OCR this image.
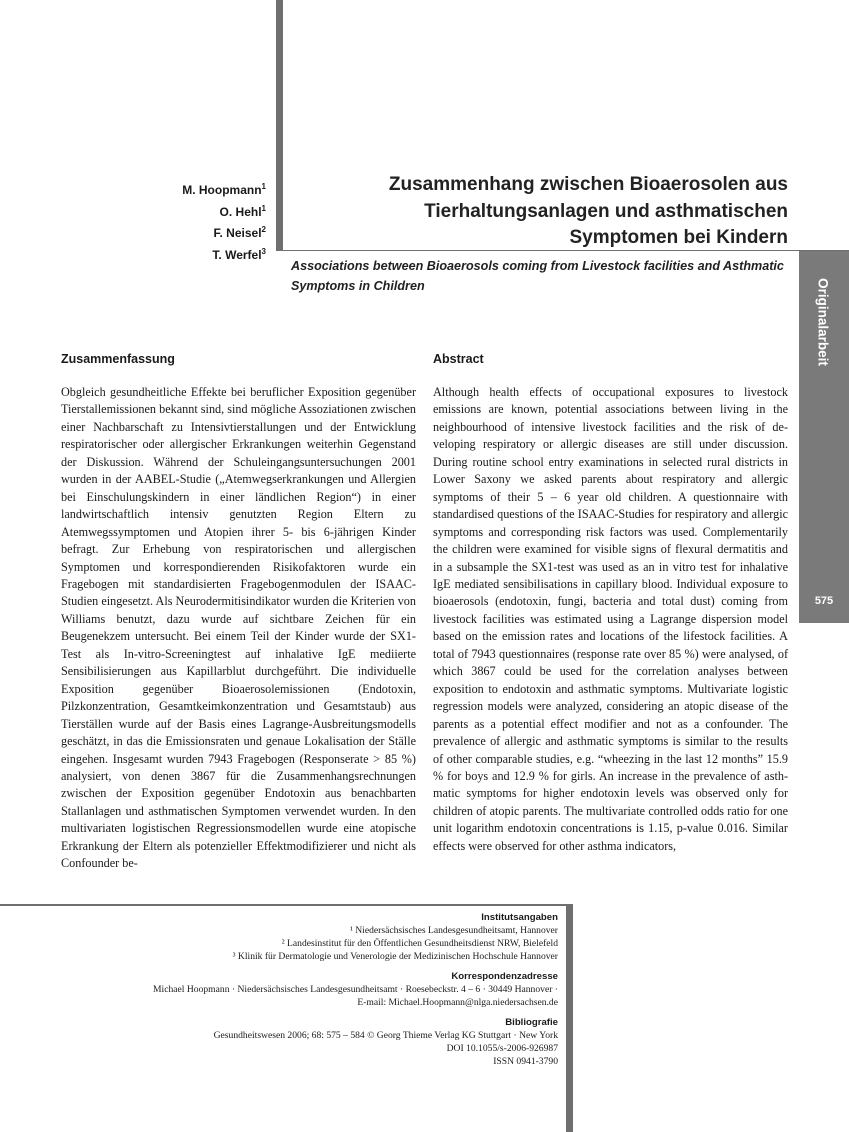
M. Hoopmann$^1$
O. Hehl$^1$
F. Neisel$^2$
T. Werfel$^3$
Zusammenhang zwischen Bioaerosolen aus
Tierhaltungsanlagen und asthmatischen
Symptomen bei Kindern
Associations between Bioaerosols coming from Livestock facilities and Asthmatic
Symptoms in Children	Originalarbeit
575
Zusammenfassung

Obgleich gesundheitliche Effekte bei beruflicher Exposition gegenüber Tierstallemissionen bekannt sind, sind mögliche Assoziationen zwischen einer Nachbarschaft zu Intensivtierstallungen und der Entwicklung respiratorischer oder allergischer Erkrankungen weiterhin Gegenstand der Diskussion. Während der Schuleingangsuntersuchungen 2001 wurden in der AABEL-Studie („Atemwegserkrankungen und Allergien bei Einschulungskindern in einer ländlichen Region“) in einer landwirtschaftlich intensiv genutzten Region Eltern zu Atemwegssymptomen und Atopien ihrer 5- bis 6-jährigen Kinder befragt. Zur Erhebung von respiratorischen und allergischen Symptomen und korrespondierenden Risikofaktoren wurde ein Fragebogen mit standardisierten Fragebogenmodulen der ISAAC-Studien eingesetzt. Als Neurodermitisindikator wurden die Kriterien von Williams benutzt, dazu wurde auf sichtbare Zeichen für ein Beugenekzem untersucht. Bei einem Teil der Kinder wurde der SX1-Test als In-vitro-Screeningtest auf inhalative IgE mediierte Sensibilisierungen aus Kapillarblut durchgeführt. Die individuelle Exposition gegenüber Bioaerosolemissionen (Endotoxin, Pilzkonzentration, Gesamtkeimkonzentration und Gesamtstaub) aus Tierställen wurde auf der Basis eines Lagrange-Ausbreitungsmodells geschätzt, in das die Emissionsraten und genaue Lokalisation der Ställe eingehen. Insgesamt wurden 7943 Fragebogen (Responserate > 85 %) analysiert, von denen 3867 für die Zusammenhangsrechnungen zwischen der Exposition gegenüber Endotoxin aus benachbarten Stallanlagen und asthmatischen Symptomen verwendet wurden. In den multivariaten logistischen Regressionsmodellen wurde eine atopische Erkrankung der Eltern als potenzieller Effektmodifizierer und nicht als Confounder be-

Abstract

Although health effects of occupational exposures to livestock emissions are known, potential associations between living in the neighbourhood of intensive livestock facilities and the risk of developing respiratory or allergic diseases are still under discussion. During routine school entry examinations in selected rural districts in Lower Saxony we asked parents about respiratory and allergic symptoms of their 5 – 6 year old children. A questionnaire with standardised questions of the ISAAC-Studies for respiratory and allergic symptoms and corresponding risk factors was used. Complementarily the children were examined for visible signs of flexural dermatitis and in a subsample the SX1-test was used as an in vitro test for inhalative IgE mediated sensibilisations in capillary blood. Individual exposure to bioaerosols (endotoxin, fungi, bacteria and total dust) coming from livestock facilities was estimated using a Lagrange dispersion model based on the emission rates and locations of the lifestock facilities. A total of 7943 questionnaires (response rate over 85 %) were analysed, of which 3867 could be used for the correlation analyses between exposition to endotoxin and asthmatic symptoms. Multivariate logistic regression models were analyzed, considering an atopic disease of the parents as a potential effect modifier and not as a confounder. The prevalence of allergic and asthmatic symptoms is similar to the results of other comparable studies, e.g. “wheezing in the last 12 months” 15.9 % for boys and 12.9 % for girls. An increase in the prevalence of asthmatic symptoms for higher endotoxin levels was observed only for children of atopic parents. The multivariate controlled odds ratio for one unit logarithm endotoxin concentrations is 1.15, p-value 0.016. Similar effects were observed for other asthma indicators,

Institutsangaben
¹ Niedersächsisches Landesgesundheitsamt, Hannover
² Landesinstitut für den Öffentlichen Gesundheitsdienst NRW, Bielefeld
³ Klinik für Dermatologie und Venerologie der Medizinischen Hochschule Hannover
Korrespondenzadresse
Michael Hoopmann · Niedersächsisches Landesgesundheitsamt · Roesebeckstr. 4 – 6 · 30449 Hannover ·
E-mail: Michael.Hoopmann@nlga.niedersachsen.de
Bibliografie
Gesundheitswesen 2006; 68: 575 – 584 © Georg Thieme Verlag KG Stuttgart · New York
DOI 10.1055/s-2006-926987
ISSN 0941-3790
